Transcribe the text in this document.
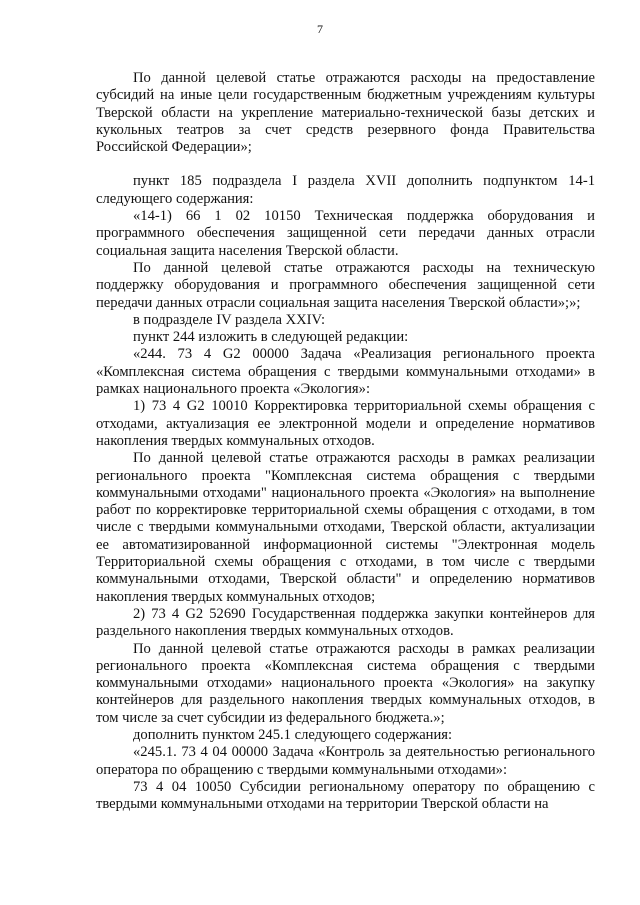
7

По данной целевой статье отражаются расходы на предоставление субсидий на иные цели государственным бюджетным учреждениям культуры Тверской области на укрепление материально-технической базы детских и кукольных театров за счет средств резервного фонда Правительства Российской Федерации»;

пункт 185 подраздела I раздела XVII дополнить подпунктом 14-1 следующего содержания:

«14-1) 66 1 02 10150 Техническая поддержка оборудования и программного обеспечения защищенной сети передачи данных отрасли социальная защита населения Тверской области.

По данной целевой статье отражаются расходы на техническую поддержку оборудования и программного обеспечения защищенной сети передачи данных отрасли социальная защита населения Тверской области»;»;

в подразделе IV раздела XXIV:

пункт 244 изложить в следующей редакции:

«244. 73 4 G2 00000 Задача «Реализация регионального проекта «Комплексная система обращения с твердыми коммунальными отходами» в рамках национального проекта «Экология»:

1) 73 4 G2 10010 Корректировка территориальной схемы обращения с отходами, актуализация ее электронной модели и определение нормативов накопления твердых коммунальных отходов.

По данной целевой статье отражаются расходы в рамках реализации регионального проекта "Комплексная система обращения с твердыми коммунальными отходами" национального проекта «Экология» на выполнение работ по корректировке территориальной схемы обращения с отходами, в том числе с твердыми коммунальными отходами, Тверской области, актуализации ее автоматизированной информационной системы "Электронная модель Территориальной схемы обращения с отходами, в том числе с твердыми коммунальными отходами, Тверской области" и определению нормативов накопления твердых коммунальных отходов;

2) 73 4 G2 52690 Государственная поддержка закупки контейнеров для раздельного накопления твердых коммунальных отходов.

По данной целевой статье отражаются расходы в рамках реализации регионального проекта «Комплексная система обращения с твердыми коммунальными отходами» национального проекта «Экология» на закупку контейнеров для раздельного накопления твердых коммунальных отходов, в том числе за счет субсидии из федерального бюджета.»;

дополнить пунктом 245.1 следующего содержания:

«245.1. 73 4 04 00000 Задача «Контроль за деятельностью регионального оператора по обращению с твердыми коммунальными отходами»:

73 4 04 10050 Субсидии региональному оператору по обращению с твердыми коммунальными отходами на территории Тверской области на
